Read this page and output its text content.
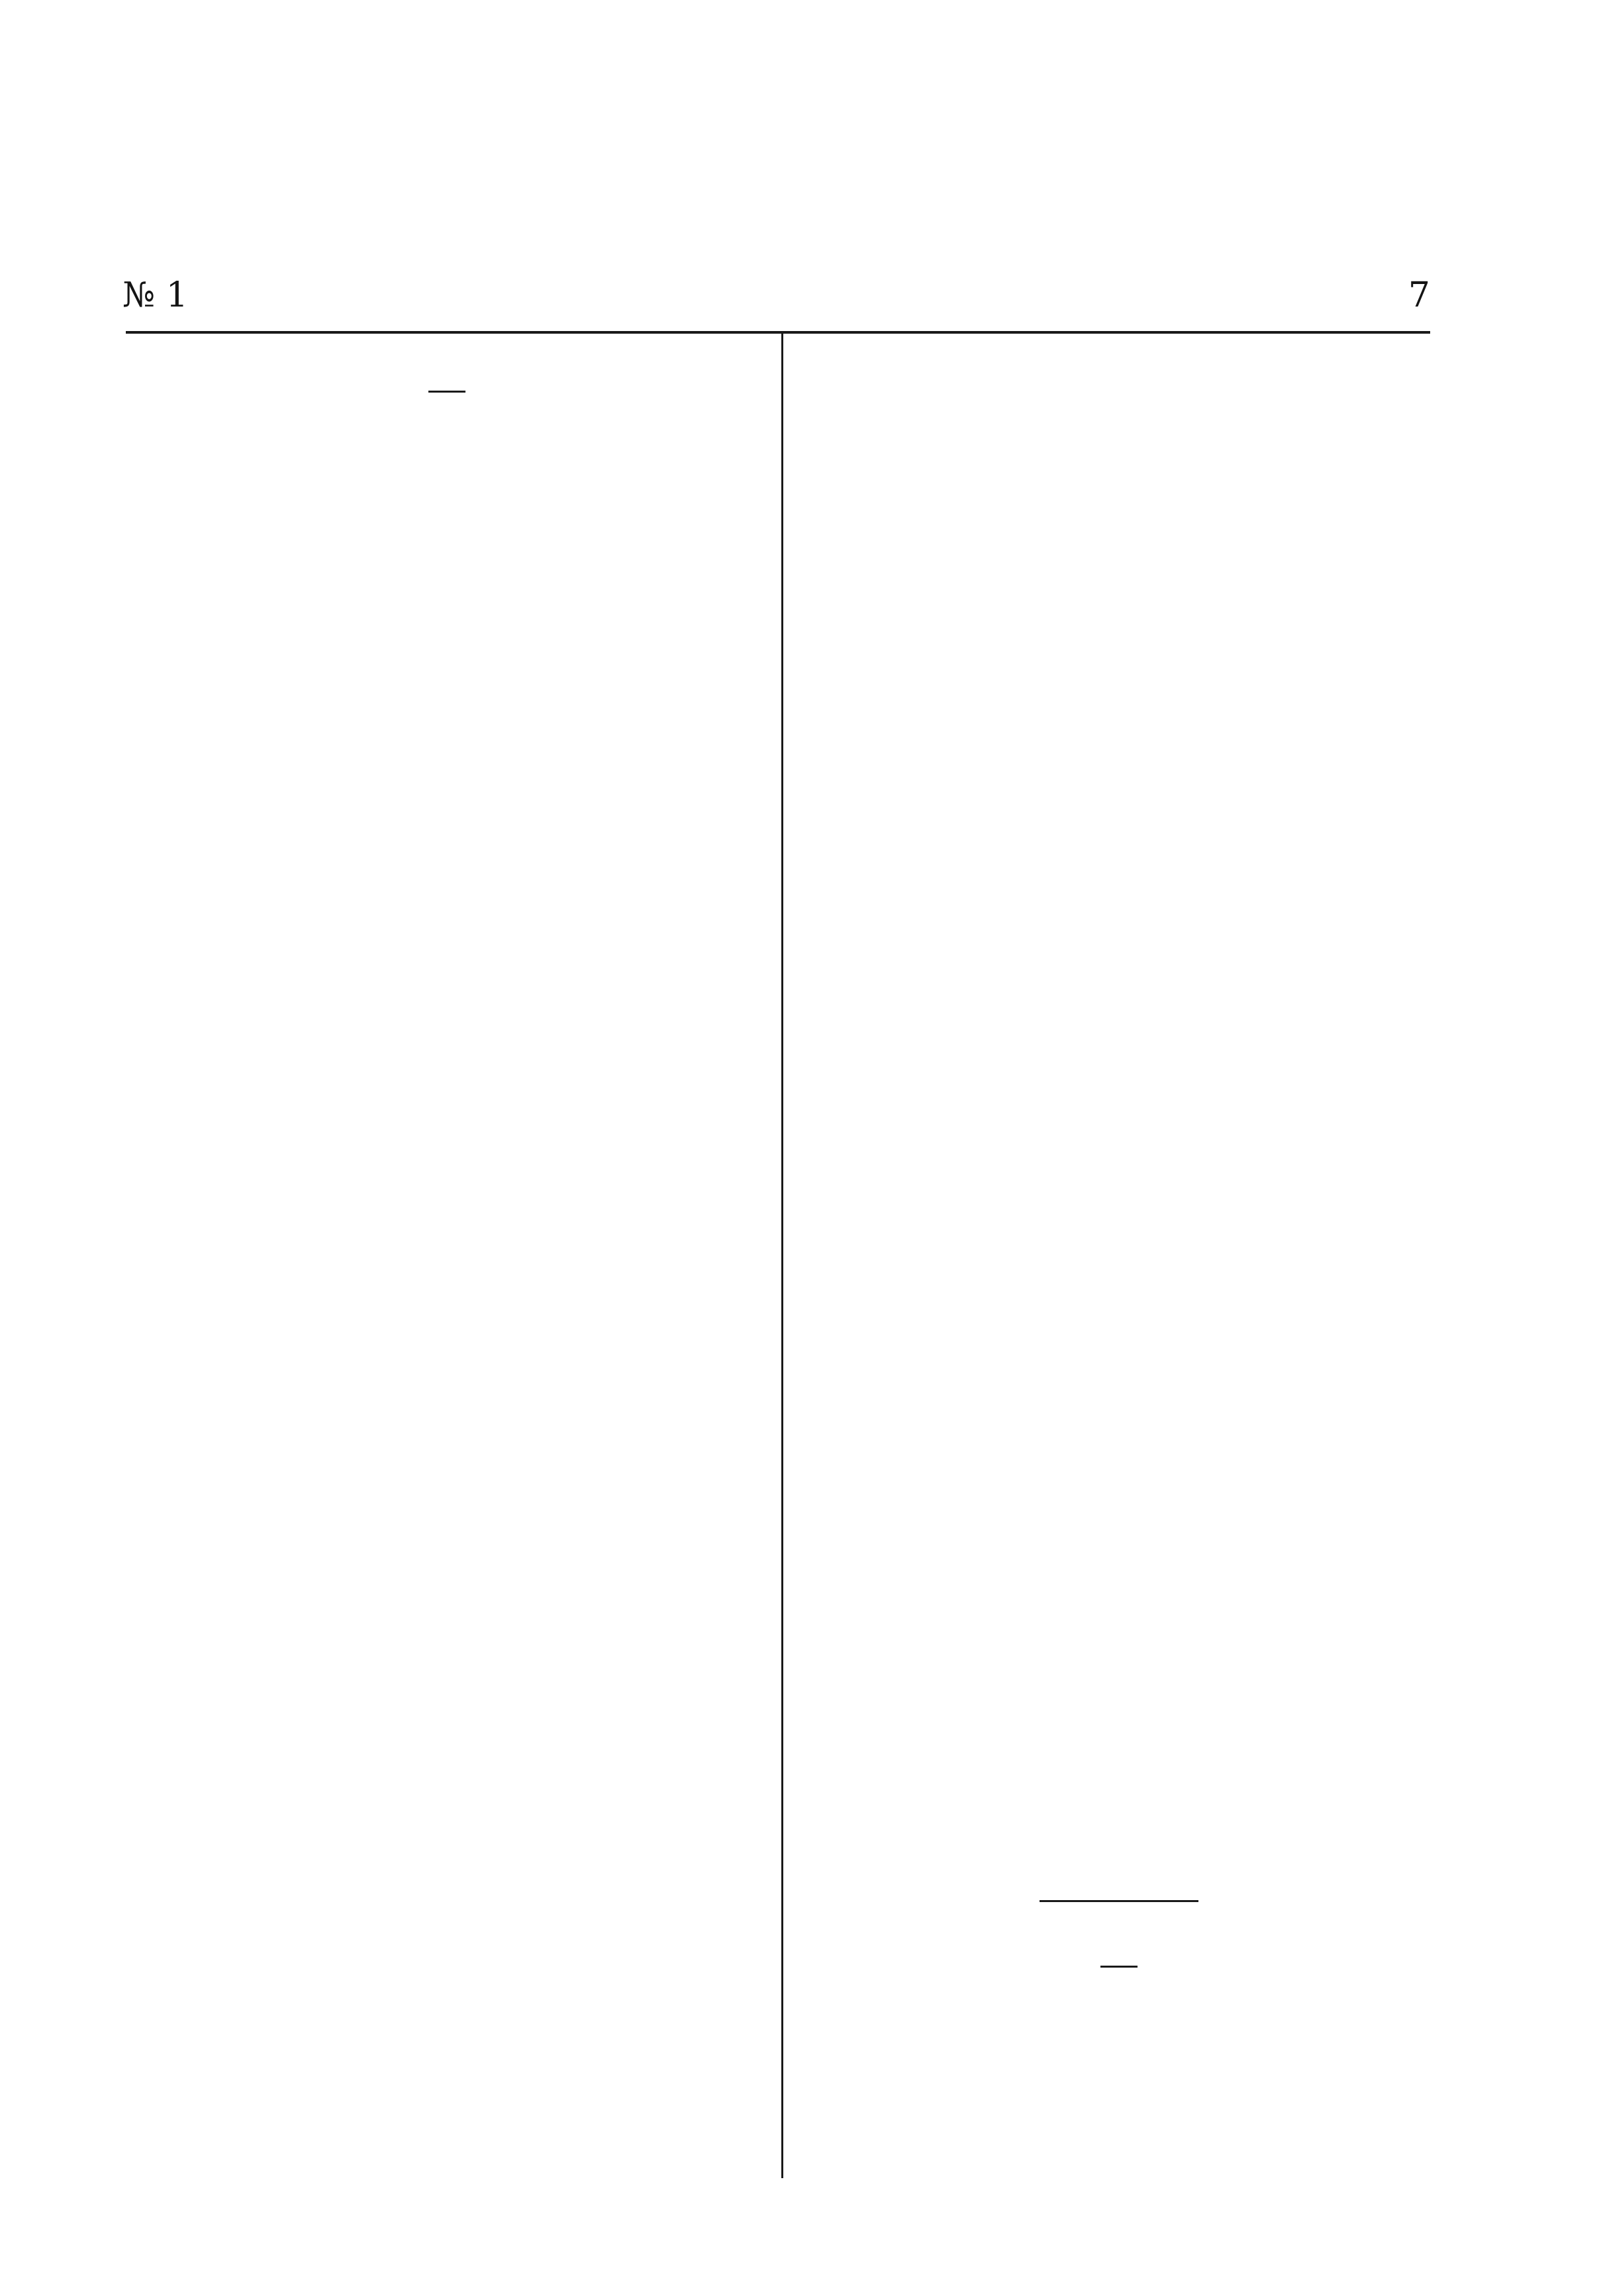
№ 1	7
